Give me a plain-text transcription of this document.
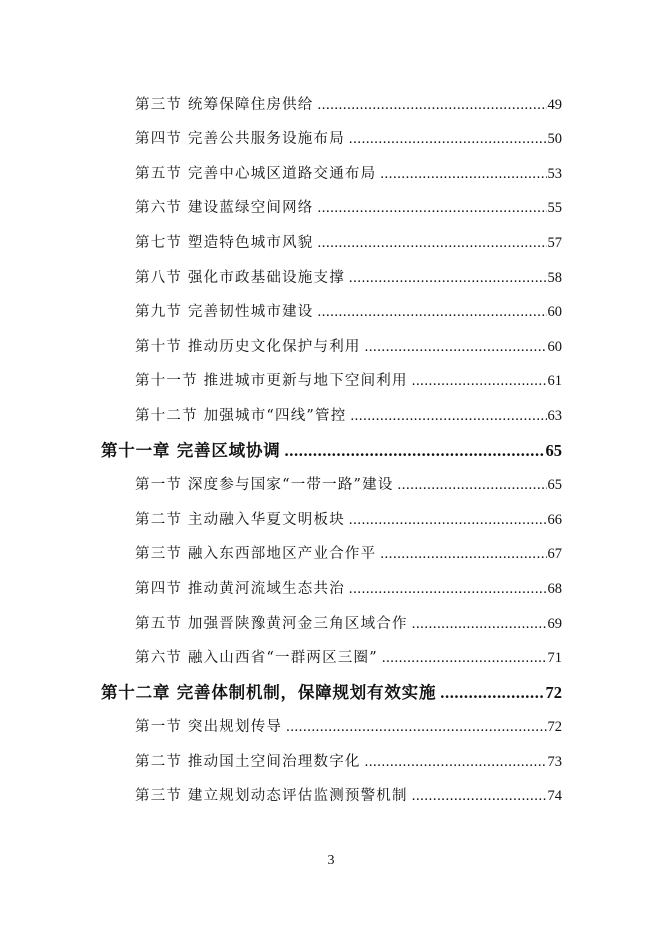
第三节 统筹保障住房供给 .....	49
第四节 完善公共服务设施布局 .....	50
第五节 完善中心城区道路交通布局 .....	53
第六节 建设蓝绿空间网络 .....	55
第七节 塑造特色城市风貌 .....	57
第八节 强化市政基础设施支撑 .....	58
第九节 完善韧性城市建设 .....	60
第十节 推动历史文化保护与利用 .....	60
第十一节 推进城市更新与地下空间利用 .....	61
第十二节 加强城市“四线”管控 .....	63
第十一章 完善区域协调 .....	65
第一节 深度参与国家“一带一路”建设 .....	65
第二节 主动融入华夏文明板块 .....	66
第三节 融入东西部地区产业合作平 .....	67
第四节 推动黄河流域生态共治 .....	68
第五节 加强晋陕豫黄河金三角区域合作 .....	69
第六节 融入山西省“一群两区三圈” .....	71
第十二章 完善体制机制，保障规划有效实施 .....	72
第一节 突出规划传导 .....	72
第二节 推动国土空间治理数字化 .....	73
第三节 建立规划动态评估监测预警机制 .....	74
3
